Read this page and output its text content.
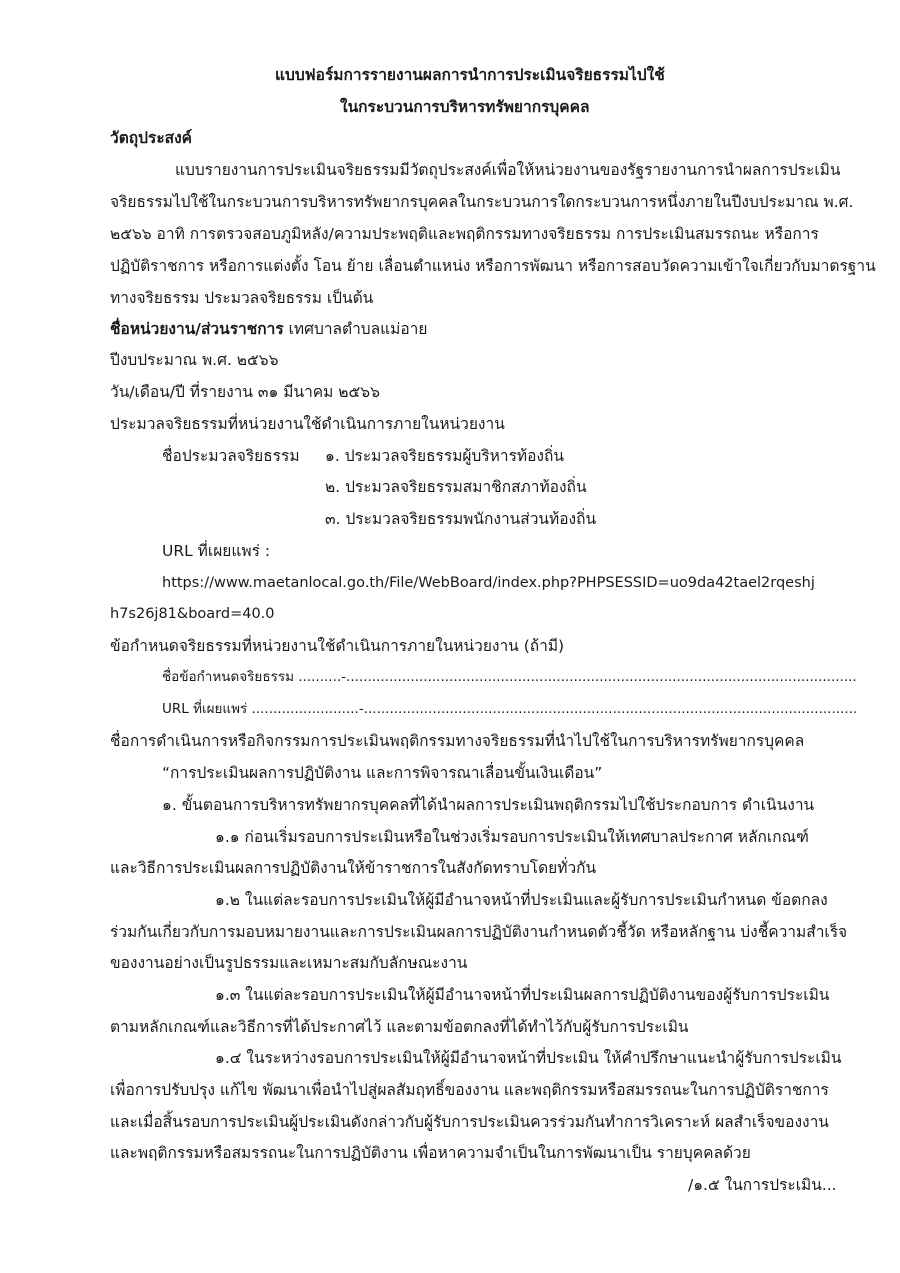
แบบฟอร์มการรายงานผลการนำการประเมินจริยธรรมไปใช้
ในกระบวนการบริหารทรัพยากรบุคคล
วัตถุประสงค์
แบบรายงานการประเมินจริยธรรมมีวัตถุประสงค์เพื่อให้หน่วยงานของรัฐรายงานการนำผลการประเมิน
จริยธรรมไปใช้ในกระบวนการบริหารทรัพยากรบุคคลในกระบวนการใดกระบวนการหนึ่งภายในปีงบประมาณ พ.ศ.
๒๕๖๖ อาทิ การตรวจสอบภูมิหลัง/ความประพฤติและพฤติกรรมทางจริยธรรม การประเมินสมรรถนะ หรือการ
ปฏิบัติราชการ หรือการแต่งตั้ง โอน ย้าย เลื่อนตำแหน่ง หรือการพัฒนา หรือการสอบวัดความเข้าใจเกี่ยวกับมาตรฐาน
ทางจริยธรรม ประมวลจริยธรรม เป็นต้น
ชื่อหน่วยงาน/ส่วนราชการ เทศบาลตำบลแม่อาย
ปีงบประมาณ พ.ศ. ๒๕๖๖
วัน/เดือน/ปี ที่รายงาน ๓๑ มีนาคม ๒๕๖๖
ประมวลจริยธรรมที่หน่วยงานใช้ดำเนินการภายในหน่วยงาน
ชื่อประมวลจริยธรรม ๑. ประมวลจริยธรรมผู้บริหารท้องถิ่น
๒. ประมวลจริยธรรมสมาชิกสภาท้องถิ่น
๓. ประมวลจริยธรรมพนักงานส่วนท้องถิ่น
URL ที่เผยแพร่ :
https://www.maetanlocal.go.th/File/WebBoard/index.php?PHPSESSID=uo9da42tael2rqeshj
h7s26j81&board=40.0
ข้อกำหนดจริยธรรมที่หน่วยงานใช้ดำเนินการภายในหน่วยงาน (ถ้ามี)
ชื่อข้อกำหนดจริยธรรม ..........-.......................................................................................................................
URL ที่เผยแพร่ .........................-...................................................................................................................
ชื่อการดำเนินการหรือกิจกรรมการประเมินพฤติกรรมทางจริยธรรมที่นำไปใช้ในการบริหารทรัพยากรบุคคล
“การประเมินผลการปฏิบัติงาน และการพิจารณาเลื่อนขั้นเงินเดือน”
๑. ขั้นตอนการบริหารทรัพยากรบุคคลที่ได้นำผลการประเมินพฤติกรรมไปใช้ประกอบการ ดำเนินงาน
๑.๑ ก่อนเริ่มรอบการประเมินหรือในช่วงเริ่มรอบการประเมินให้เทศบาลประกาศ หลักเกณฑ์
และวิธีการประเมินผลการปฏิบัติงานให้ข้าราชการในสังกัดทราบโดยทั่วกัน
๑.๒ ในแต่ละรอบการประเมินให้ผู้มีอำนาจหน้าที่ประเมินและผู้รับการประเมินกำหนด ข้อตกลง
ร่วมกันเกี่ยวกับการมอบหมายงานและการประเมินผลการปฏิบัติงานกำหนดตัวชี้วัด หรือหลักฐาน บ่งชี้ความสำเร็จ
ของงานอย่างเป็นรูปธรรมและเหมาะสมกับลักษณะงาน
๑.๓ ในแต่ละรอบการประเมินให้ผู้มีอำนาจหน้าที่ประเมินผลการปฏิบัติงานของผู้รับการประเมิน
ตามหลักเกณฑ์และวิธีการที่ได้ประกาศไว้ และตามข้อตกลงที่ได้ทำไว้กับผู้รับการประเมิน
๑.๔ ในระหว่างรอบการประเมินให้ผู้มีอำนาจหน้าที่ประเมิน ให้คำปรึกษาแนะนำผู้รับการประเมิน
เพื่อการปรับปรุง แก้ไข พัฒนาเพื่อนำไปสู่ผลสัมฤทธิ์ของงาน และพฤติกรรมหรือสมรรถนะในการปฏิบัติราชการ
และเมื่อสิ้นรอบการประเมินผู้ประเมินดังกล่าวกับผู้รับการประเมินควรร่วมกันทำการวิเคราะห์ ผลสำเร็จของงาน
และพฤติกรรมหรือสมรรถนะในการปฏิบัติงาน เพื่อหาความจำเป็นในการพัฒนาเป็น รายบุคคลด้วย
/๑.๕ ในการประเมิน...
